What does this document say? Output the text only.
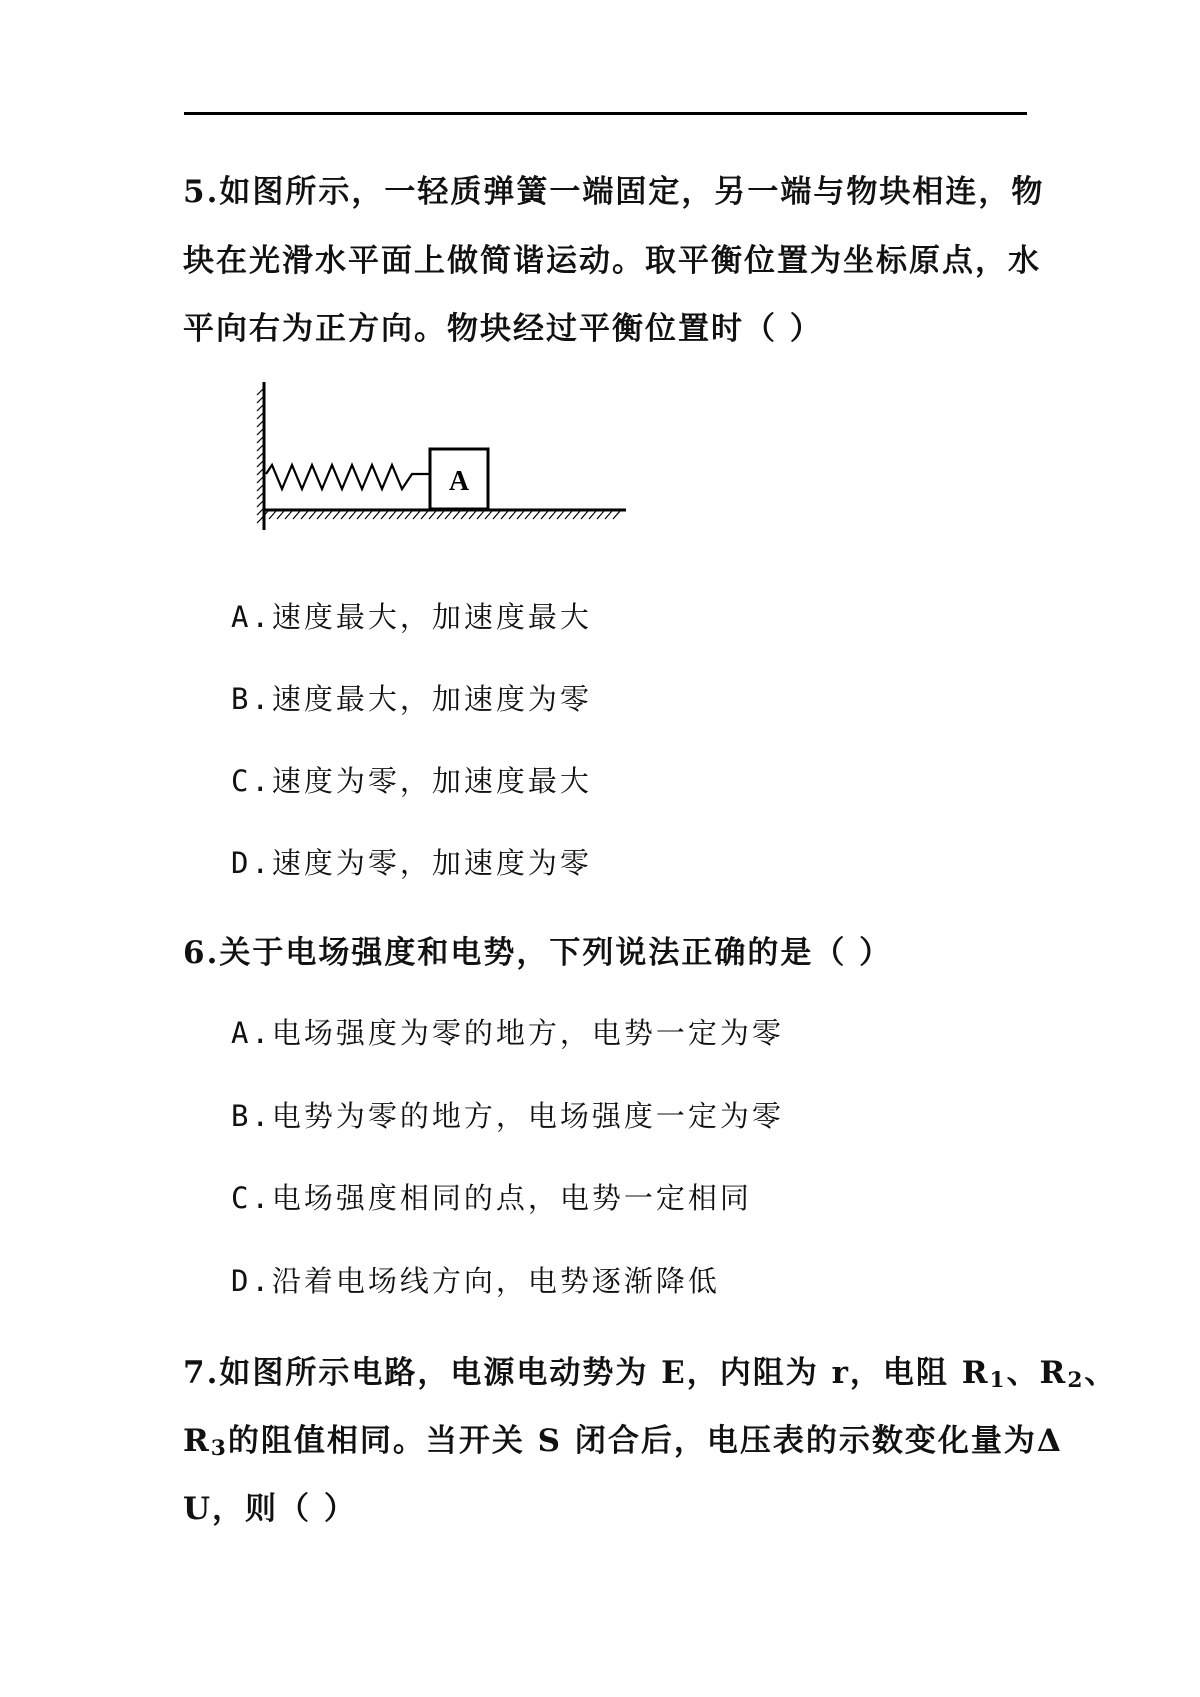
5.如图所示，一轻质弹簧一端固定，另一端与物块相连，物
块在光滑水平面上做简谐运动。取平衡位置为坐标原点，水
平向右为正方向。物块经过平衡位置时（ ）
A
A.速度最大，加速度最大
B.速度最大，加速度为零
C.速度为零，加速度最大
D.速度为零，加速度为零
6.关于电场强度和电势，下列说法正确的是（ ）
A.电场强度为零的地方，电势一定为零
B.电势为零的地方，电场强度一定为零
C.电场强度相同的点，电势一定相同
D.沿着电场线方向，电势逐渐降低
7.如图所示电路，电源电动势为 E，内阻为 r，电阻 R1、R2、
R3的阻值相同。当开关 S 闭合后，电压表的示数变化量为Δ
U，则（ ）
